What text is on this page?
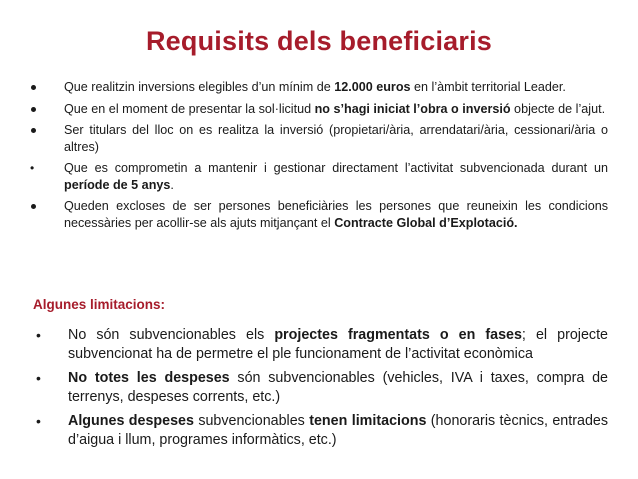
Requisits dels beneficiaris
Que realitzin inversions elegibles d’un mínim de 12.000 euros en l’àmbit territorial Leader.
Que en el moment de presentar la sol·licitud no s’hagi iniciat l’obra o inversió objecte de l’ajut.
Ser titulars del lloc on es realitza la inversió (propietari/ària, arrendatari/ària, cessionari/ària o altres)
• Que es comprometin a mantenir i gestionar directament l’activitat subvencionada durant un període de 5 anys.
Queden excloses de ser persones beneficiàries les persones que reuneixin les condicions necessàries per acollir-se als ajuts mitjançant el Contracte Global d’Explotació.
Algunes limitacions:
• No són subvencionables els projectes fragmentats o en fases; el projecte subvencionat ha de permetre el ple funcionament de l’activitat econòmica
• No totes les despeses són subvencionables (vehicles, IVA i taxes, compra de terrenys, despeses corrents, etc.)
• Algunes despeses subvencionables tenen limitacions (honoraris tècnics, entrades d’aigua i llum, programes informàtics, etc.)
